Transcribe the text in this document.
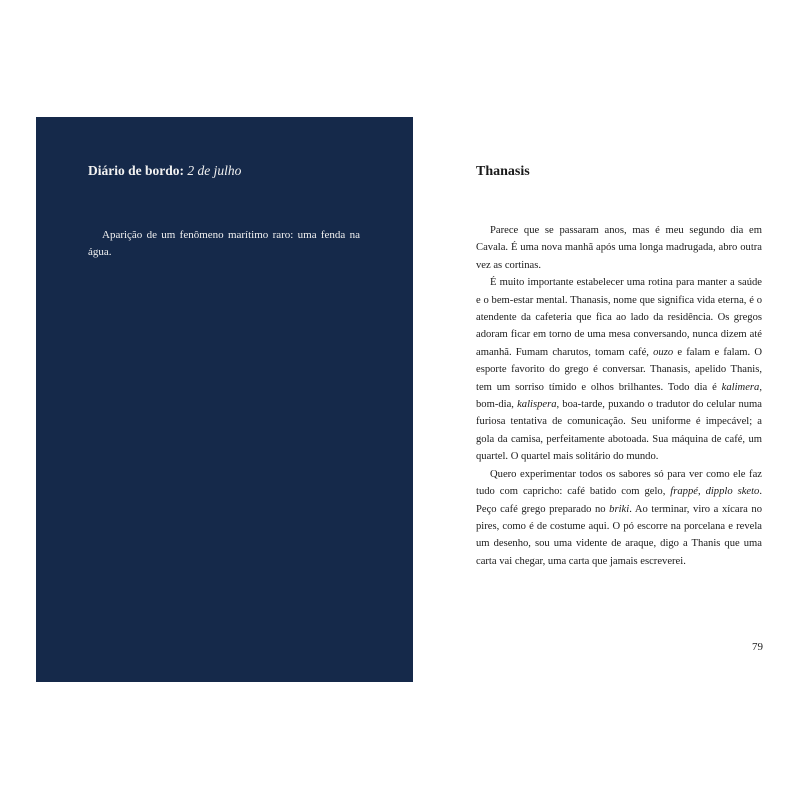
Diário de bordo: 2 de julho

Aparição de um fenômeno marítimo raro: uma fenda na água.

Thanasis

Parece que se passaram anos, mas é meu segundo dia em Cavala. É uma nova manhã após uma longa madrugada, abro outra vez as cortinas.

É muito importante estabelecer uma rotina para manter a saúde e o bem-estar mental. Thanasis, nome que significa vida eterna, é o atendente da cafeteria que fica ao lado da residência. Os gregos adoram ficar em torno de uma mesa conversando, nunca dizem até amanhã. Fumam charutos, tomam café, ouzo e falam e falam. O esporte favorito do grego é conversar. Thanasis, apelido Thanis, tem um sorriso tímido e olhos brilhantes. Todo dia é kalimera, bom-dia, kalispera, boa-tarde, puxando o tradutor do celular numa furiosa tentativa de comunicação. Seu uniforme é impecável; a gola da camisa, perfeitamente abotoada. Sua máquina de café, um quartel. O quartel mais solitário do mundo.

Quero experimentar todos os sabores só para ver como ele faz tudo com capricho: café batido com gelo, frappé, dipplo sketo. Peço café grego preparado no briki. Ao terminar, viro a xícara no pires, como é de costume aqui. O pó escorre na porcelana e revela um desenho, sou uma vidente de araque, digo a Thanis que uma carta vai chegar, uma carta que jamais escreverei.

79
